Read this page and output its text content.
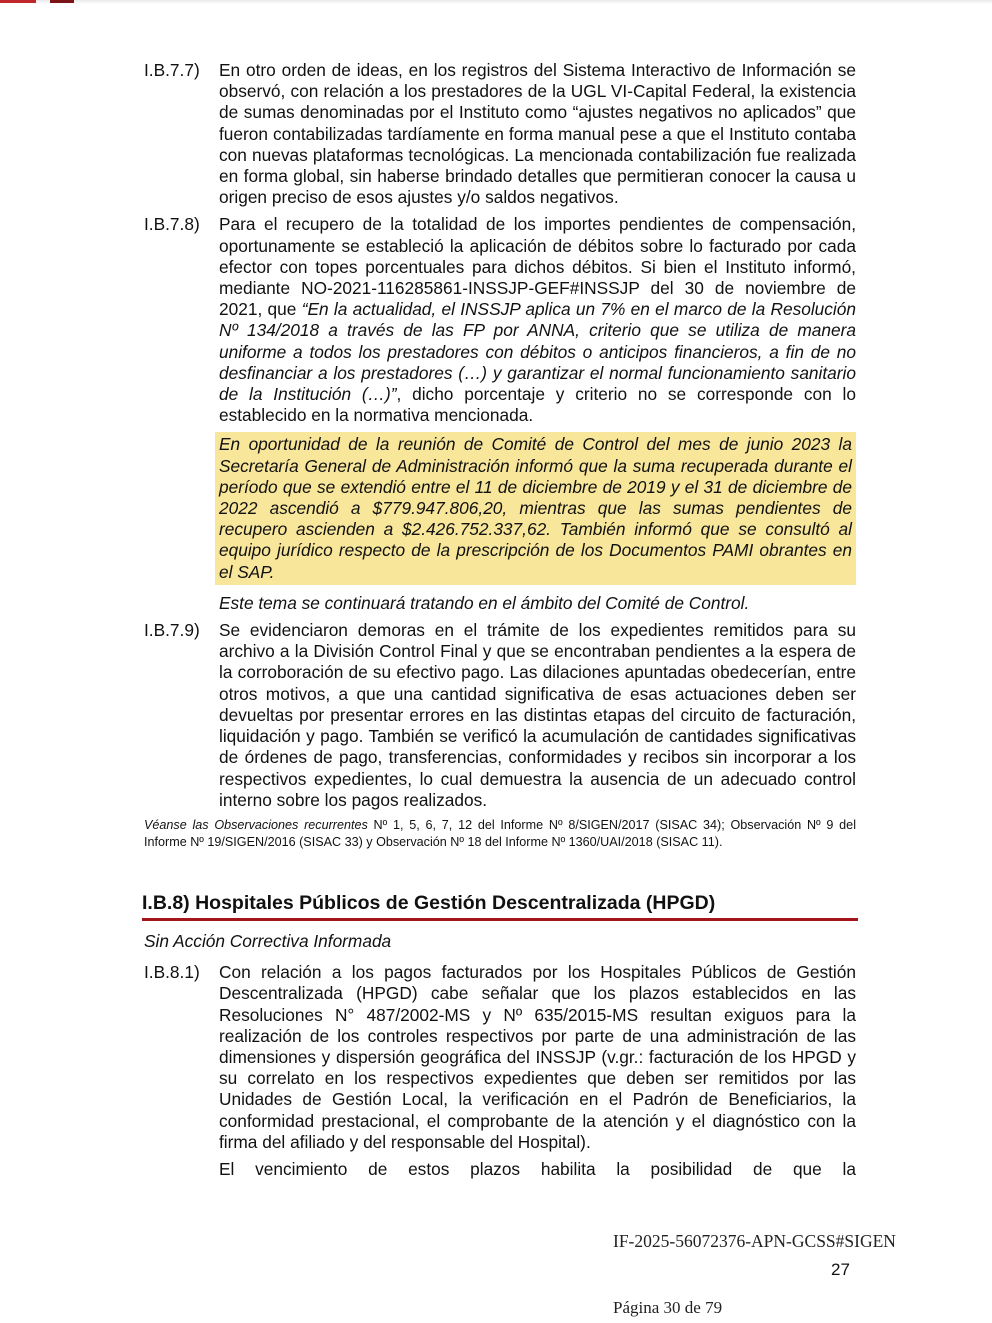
I.B.7.7)	En otro orden de ideas, en los registros del Sistema Interactivo de Información se observó, con relación a los prestadores de la UGL VI-Capital Federal, la existencia de sumas denominadas por el Instituto como “ajustes negativos no aplicados” que fueron contabilizadas tardíamente en forma manual pese a que el Instituto contaba con nuevas plataformas tecnológicas. La mencionada contabilización fue realizada en forma global, sin haberse brindado detalles que permitieran conocer la causa u origen preciso de esos ajustes y/o saldos negativos.
I.B.7.8)	Para el recupero de la totalidad de los importes pendientes de compensación, oportunamente se estableció la aplicación de débitos sobre lo facturado por cada efector con topes porcentuales para dichos débitos. Si bien el Instituto informó, mediante NO-2021-116285861-INSSJP-GEF#INSSJP del 30 de noviembre de 2021, que “En la actualidad, el INSSJP aplica un 7% en el marco de la Resolución Nº 134/2018 a través de las FP por ANNA, criterio que se utiliza de manera uniforme a todos los prestadores con débitos o anticipos financieros, a fin de no desfinanciar a los prestadores (…) y garantizar el normal funcionamiento sanitario de la Institución (…)”, dicho porcentaje y criterio no se corresponde con lo establecido en la normativa mencionada.
En oportunidad de la reunión de Comité de Control del mes de junio 2023 la Secretaría General de Administración informó que la suma recuperada durante el período que se extendió entre el 11 de diciembre de 2019 y el 31 de diciembre de 2022 ascendió a $779.947.806,20, mientras que las sumas pendientes de recupero ascienden a $2.426.752.337,62. También informó que se consultó al equipo jurídico respecto de la prescripción de los Documentos PAMI obrantes en el SAP.
Este tema se continuará tratando en el ámbito del Comité de Control.
I.B.7.9)	Se evidenciaron demoras en el trámite de los expedientes remitidos para su archivo a la División Control Final y que se encontraban pendientes a la espera de la corroboración de su efectivo pago. Las dilaciones apuntadas obedecerían, entre otros motivos, a que una cantidad significativa de esas actuaciones deben ser devueltas por presentar errores en las distintas etapas del circuito de facturación, liquidación y pago. También se verificó la acumulación de cantidades significativas de órdenes de pago, transferencias, conformidades y recibos sin incorporar a los respectivos expedientes, lo cual demuestra la ausencia de un adecuado control interno sobre los pagos realizados.
Véanse las Observaciones recurrentes Nº 1, 5, 6, 7, 12 del Informe Nº 8/SIGEN/2017 (SISAC 34); Observación Nº 9 del Informe Nº 19/SIGEN/2016 (SISAC 33) y Observación Nº 18 del Informe Nº 1360/UAI/2018 (SISAC 11).
I.B.8) Hospitales Públicos de Gestión Descentralizada (HPGD)
Sin Acción Correctiva Informada
I.B.8.1)	Con relación a los pagos facturados por los Hospitales Públicos de Gestión Descentralizada (HPGD) cabe señalar que los plazos establecidos en las Resoluciones N° 487/2002-MS y Nº 635/2015-MS resultan exiguos para la realización de los controles respectivos por parte de una administración de las dimensiones y dispersión geográfica del INSSJP (v.gr.: facturación de los HPGD y su correlato en los respectivos expedientes que deben ser remitidos por las Unidades de Gestión Local, la verificación en el Padrón de Beneficiarios, la conformidad prestacional, el comprobante de la atención y el diagnóstico con la firma del afiliado y del responsable del Hospital).
El vencimiento de estos plazos habilita la posibilidad de que la
IF-2025-56072376-APN-GCSS#SIGEN
27
Página 30 de 79
